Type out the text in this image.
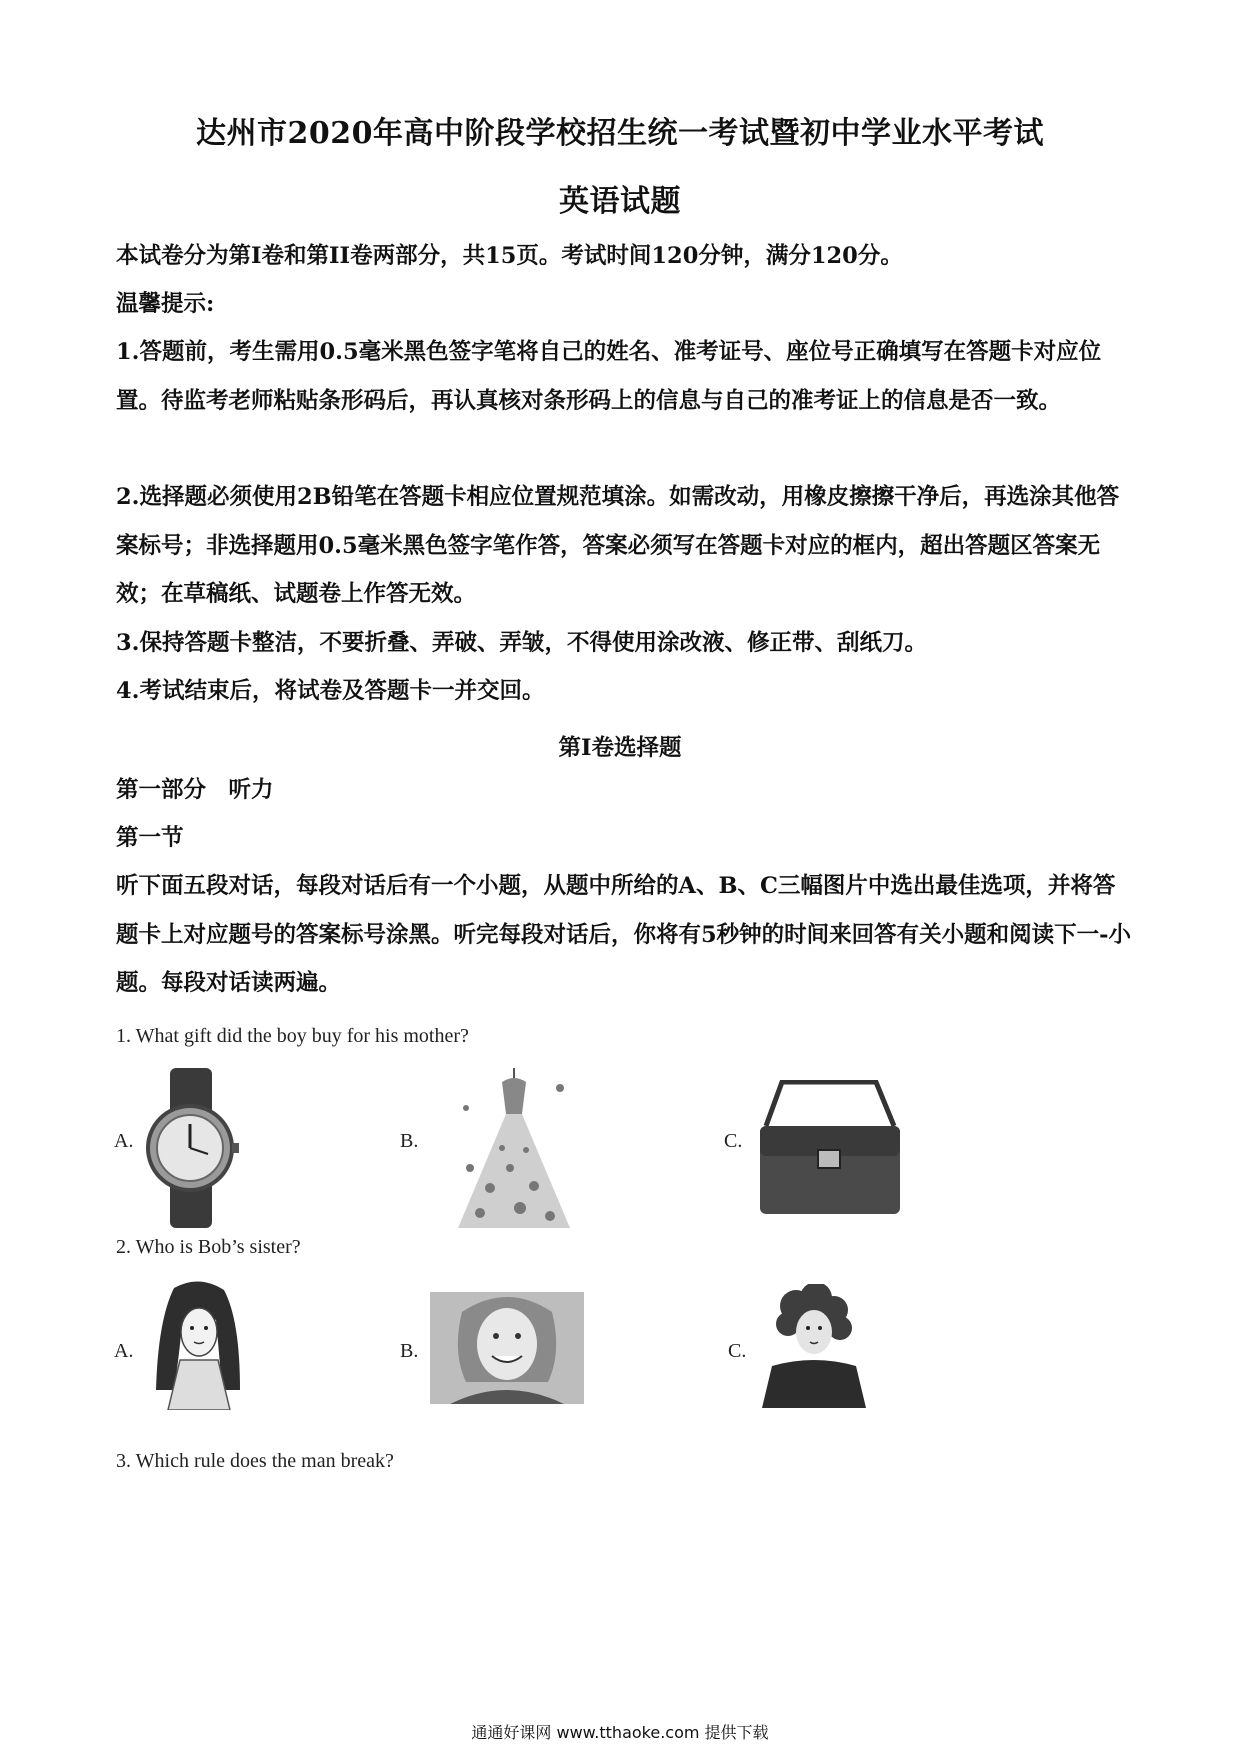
达州市2020年高中阶段学校招生统一考试暨初中学业水平考试
英语试题
本试卷分为第I卷和第II卷两部分，共15页。考试时间120分钟，满分120分。
温馨提示:
1.答题前，考生需用0.5毫米黑色签字笔将自己的姓名、准考证号、座位号正确填写在答题卡对应位置。待监考老师粘贴条形码后，再认真核对条形码上的信息与自己的准考证上的信息是否一致。
2.选择题必须使用2B铅笔在答题卡相应位置规范填涂。如需改动，用橡皮擦擦干净后，再选涂其他答案标号；非选择题用0.5毫米黑色签字笔作答，答案必须写在答题卡对应的框内，超出答题区答案无效；在草稿纸、试题卷上作答无效。
3.保持答题卡整洁，不要折叠、弄破、弄皱，不得使用涂改液、修正带、刮纸刀。
4.考试结束后，将试卷及答题卡一并交回。
第I卷选择题
第一部分　听力
第一节
听下面五段对话，每段对话后有一个小题，从题中所给的A、B、C三幅图片中选出最佳选项，并将答题卡上对应题号的答案标号涂黑。听完每段对话后，你将有5秒钟的时间来回答有关小题和阅读下一-小题。每段对话读两遍。
1. What gift did the boy buy for his mother?
A.	B.	C.
2. Who is Bob’s sister?
A.	B.	C.
3. Which rule does the man break?
通通好课网 www.tthaoke.com 提供下载
